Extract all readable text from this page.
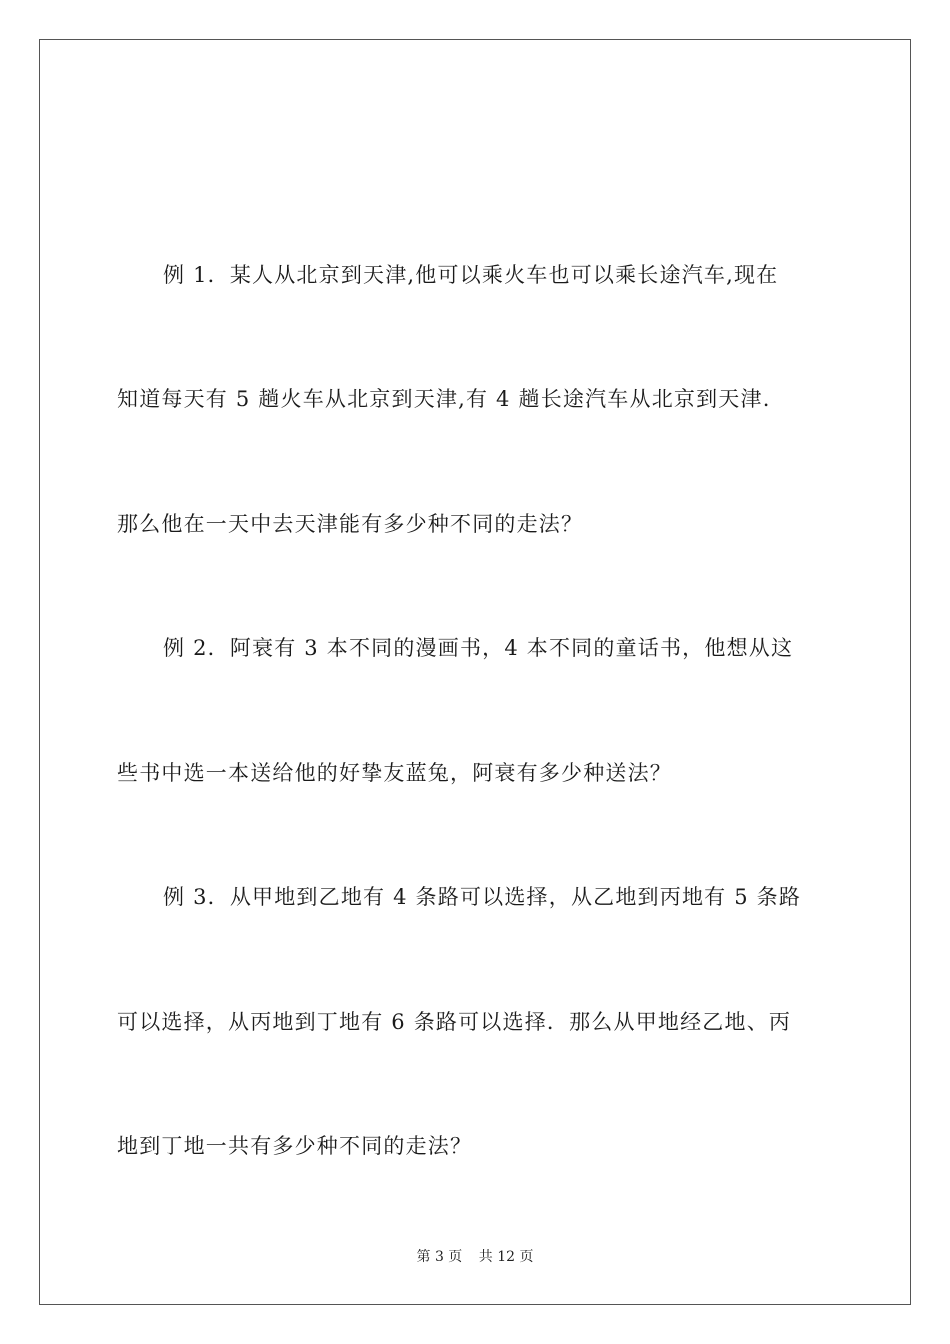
例 1．某人从北京到天津,他可以乘火车也可以乘长途汽车,现在
知道每天有 5 趟火车从北京到天津,有 4 趟长途汽车从北京到天津.
那么他在一天中去天津能有多少种不同的走法？
例 2．阿衰有 3 本不同的漫画书，4 本不同的童话书，他想从这
些书中选一本送给他的好挚友蓝兔，阿衰有多少种送法？
例 3．从甲地到乙地有 4 条路可以选择，从乙地到丙地有 5 条路
可以选择，从丙地到丁地有 6 条路可以选择．那么从甲地经乙地、丙
地到丁地一共有多少种不同的走法？
第 3 页 共 12 页
